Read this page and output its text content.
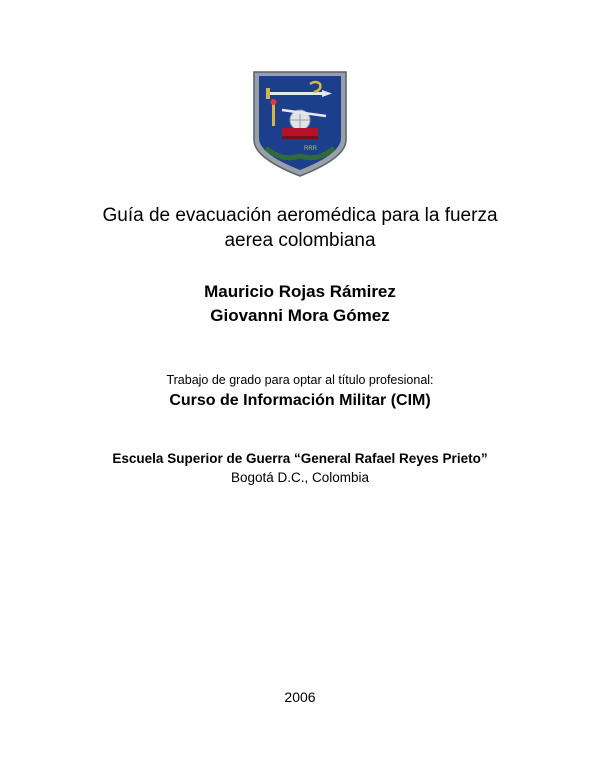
RRR
Guía de evacuación aeromédica para la fuerza aerea colombiana
Mauricio Rojas Rámirez
Giovanni Mora Gómez
Trabajo de grado para optar al título profesional:
Curso de Información Militar (CIM)
Escuela Superior de Guerra “General Rafael Reyes Prieto”
Bogotá D.C., Colombia
2006
